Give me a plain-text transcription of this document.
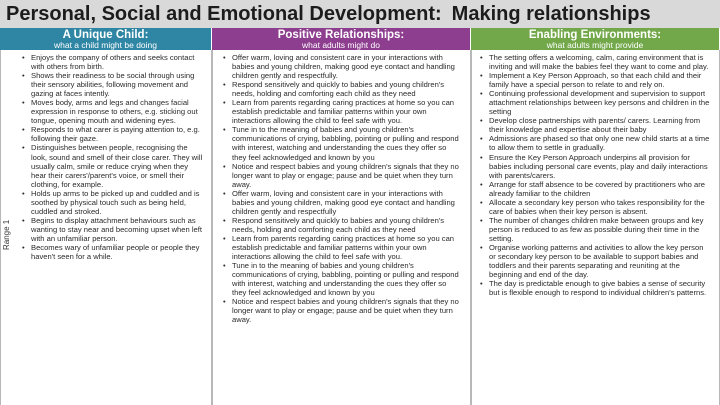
Personal, Social and Emotional Development: Making relationships
A Unique Child:
what a child might be doing
Positive Relationships:
what adults might do
Enabling Environments:
what adults might provide
Range 1
• Enjoys the company of others and seeks contact with others from birth.
• Shows their readiness to be social through using their sensory abilities, following movement and gazing at faces intently.
• Moves body, arms and legs and changes facial expression in response to others, e.g. sticking out tongue, opening mouth and widening eyes.
• Responds to what carer is paying attention to, e.g. following their gaze.
• Distinguishes between people, recognising the look, sound and smell of their close carer. They will usually calm, smile or reduce crying when they hear their carers'/parent's voice, or smell their clothing, for example.
• Holds up arms to be picked up and cuddled and is soothed by physical touch such as being held, cuddled and stroked.
• Begins to display attachment behaviours such as wanting to stay near and becoming upset when left with an unfamiliar person.
• Becomes wary of unfamiliar people or people they haven't seen for a while.
• Offer warm, loving and consistent care in your interactions with babies and young children, making good eye contact and handling children gently and respectfully.
• Respond sensitively and quickly to babies and young children's needs, holding and comforting each child as they need
• Learn from parents regarding caring practices at home so you can establish predictable and familiar patterns within your own interactions allowing the child to feel safe with you.
• Tune in to the meaning of babies and young children's communications of crying, babbling, pointing or pulling and respond with interest, watching and understanding the cues they offer so they feel acknowledged and known by you
• Notice and respect babies and young children's signals that they no longer want to play or engage; pause and be quiet when they turn away.
• Offer warm, loving and consistent care in your interactions with babies and young children, making good eye contact and handling children gently and respectfully
• Respond sensitively and quickly to babies and young children's needs, holding and comforting each child as they need
• Learn from parents regarding caring practices at home so you can establish predictable and familiar patterns within your own interactions allowing the child to feel safe with you.
• Tune in to the meaning of babies and young children's communications of crying, babbling, pointing or pulling and respond with interest, watching and understanding the cues they offer so they feel acknowledged and known by you
• Notice and respect babies and young children's signals that they no longer want to play or engage; pause and be quiet when they turn away.
• The setting offers a welcoming, calm, caring environment that is inviting and will make the babies feel they want to come and play.
• Implement a Key Person Approach, so that each child and their family have a special person to relate to and rely on.
• Continuing professional development and supervision to support attachment relationships between key persons and children in the setting
• Develop close partnerships with parents/ carers. Learning from their knowledge and expertise about their baby
• Admissions are phased so that only one new child starts at a time to allow them to settle in gradually.
• Ensure the Key Person Approach underpins all provision for babies including personal care events, play and daily interactions with parents/carers.
• Arrange for staff absence to be covered by practitioners who are already familiar to the children
• Allocate a secondary key person who takes responsibility for the care of babies when their key person is absent.
• The number of changes children make between groups and key person is reduced to as few as possible during their time in the setting.
• Organise working patterns and activities to allow the key person or secondary key person to be available to support babies and toddlers and their parents separating and reuniting at the beginning and end of the day.
• The day is predictable enough to give babies a sense of security but is flexible enough to respond to individual children's patterns.
